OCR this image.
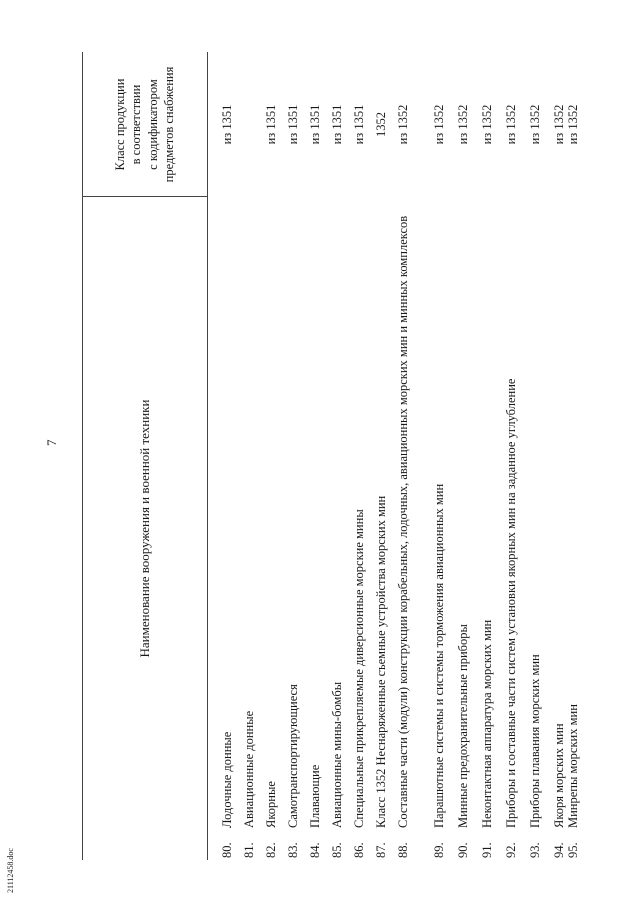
7
21112458.doc
Наименование вооружения и военной техники
Класс продукции в соответствии с кодификатором предметов снабжения
80.
Лодочные донные
из 1351
81.
Авиационные донные
82.
Якорные
из 1351
83.
Самотранспортирующиеся
из 1351
84.
Плавающие
из 1351
85.
Авиационные мины-бомбы
из 1351
86.
Специальные прикрепляемые диверсионные морские мины
из 1351
87.
Класс 1352 Неснаряженные съемные устройства морских мин
1352
88.
Составные части (модули) конструкции корабельных, лодочных, авиационных морских мин и минных комплексов
из 1352
89.
Парашютные системы и системы торможения авиационных мин
из 1352
90.
Минные предохранительные приборы
из 1352
91.
Неконтактная аппаратура морских мин
из 1352
92.
Приборы и составные части систем установки якорных мин на заданное углубление
из 1352
93.
Приборы плавания морских мин
из 1352
94.
Якоря морских мин
из 1352
95.
Минрепы морских мин
из 1352
